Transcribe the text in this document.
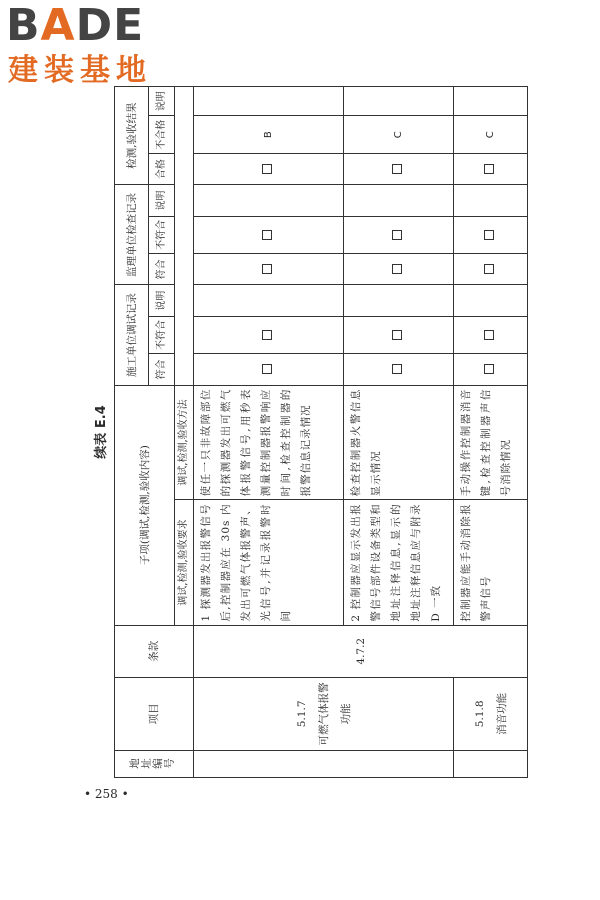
BADE
建装基地
续表 E.4
地址编号	项目	条款	子项(调试,检测,验收内容)		施工单位调试记录			监理单位检查记录			检测,验收结果		
					符合	不符合	说明	符合	不符合	说明	合格	不合格	说明
			调试,检测,验收要求	调试,检测,验收方法									

	5.1.7 可燃气体报警功能	4.7.2	1 探测器发出报警信号后,控制器应在 30s 内发出可燃气体报警声、光信号,并记录报警时间	使任一只非故障部位的探测器发出可燃气体报警信号,用秒表测量控制器报警响应时间,检查控制器的报警信息记录情况								B	
			2 控制器应显示发出报警信号部件设备类型和地址注释信息,显示的地址注释信息应与附录 D 一致	检查控制器火警信息显示情况								C	

	5.1.8 消音功能		控制器应能手动消除报警声信号	手动操作控制器消音键,检查控制器声信号消除情况								C	
• 258 •
